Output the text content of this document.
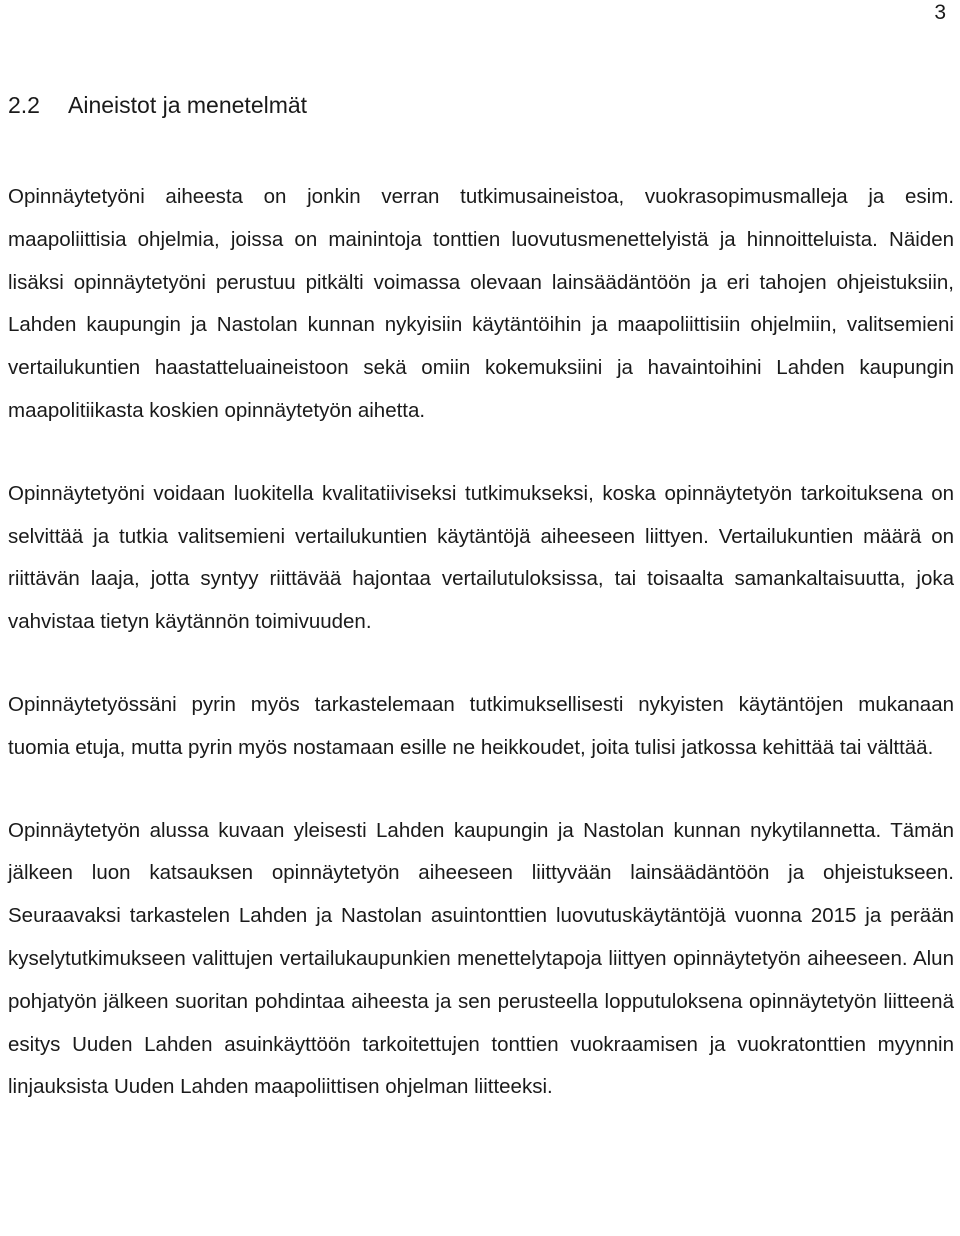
3
2.2	Aineistot ja menetelmät

Opinnäytetyöni aiheesta on jonkin verran tutkimusaineistoa, vuokrasopimusmalleja ja esim. maapoliittisia ohjelmia, joissa on mainintoja tonttien luovutusmenettelyistä ja hinnoitteluista. Näiden lisäksi opinnäytetyöni perustuu pitkälti voimassa olevaan lainsäädäntöön ja eri tahojen ohjeistuksiin, Lahden kaupungin ja Nastolan kunnan nykyisiin käytäntöihin ja maapoliittisiin ohjelmiin, valitsemieni vertailukuntien haastatteluaineistoon sekä omiin kokemuksiini ja havaintoihini Lahden kaupungin maapolitiikasta koskien opinnäytetyön aihetta.

Opinnäytetyöni voidaan luokitella kvalitatiiviseksi tutkimukseksi, koska opinnäytetyön tarkoituksena on selvittää ja tutkia valitsemieni vertailukuntien käytäntöjä aiheeseen liittyen. Vertailukuntien määrä on riittävän laaja, jotta syntyy riittävää hajontaa vertailutuloksissa, tai toisaalta samankaltaisuutta, joka vahvistaa tietyn käytännön toimivuuden.

Opinnäytetyössäni pyrin myös tarkastelemaan tutkimuksellisesti nykyisten käytäntöjen mukanaan tuomia etuja, mutta pyrin myös nostamaan esille ne heikkoudet, joita tulisi jatkossa kehittää tai välttää.

Opinnäytetyön alussa kuvaan yleisesti Lahden kaupungin ja Nastolan kunnan nykytilannetta. Tämän jälkeen luon katsauksen opinnäytetyön aiheeseen liittyvään lainsäädäntöön ja ohjeistukseen. Seuraavaksi tarkastelen Lahden ja Nastolan asuintonttien luovutuskäytäntöjä vuonna 2015 ja perään kyselytutkimukseen valittujen vertailukaupunkien menettelytapoja liittyen opinnäytetyön aiheeseen. Alun pohjatyön jälkeen suoritan pohdintaa aiheesta ja sen perusteella lopputuloksena opinnäytetyön liitteenä esitys Uuden Lahden asuinkäyttöön tarkoitettujen tonttien vuokraamisen ja vuokratonttien myynnin linjauksista Uuden Lahden maapoliittisen ohjelman liitteeksi.
